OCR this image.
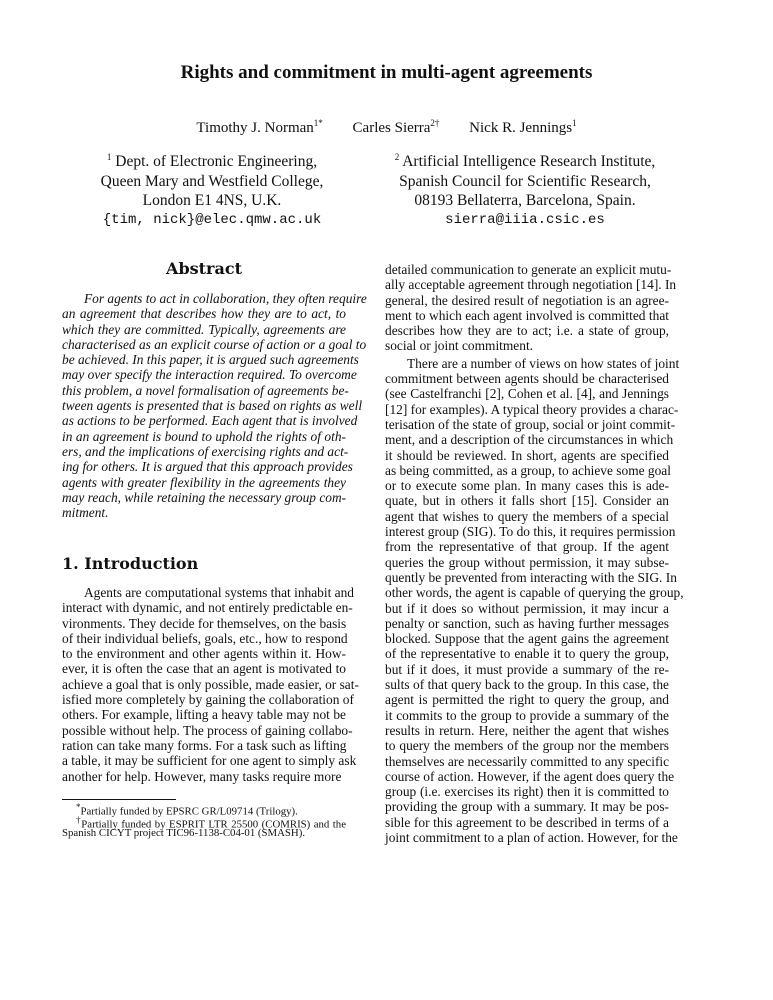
Rights and commitment in multi-agent agreements
Timothy J. Norman$^{1*}$ Carles Sierra$^{2\dagger}$ Nick R. Jennings$^1$
$^1$ Dept. of Electronic Engineering,
Queen Mary and Westfield College,
London E1 4NS, U.K.
{tim, nick}@elec.qmw.ac.uk
$^2$ Artificial Intelligence Research Institute,
Spanish Council for Scientific Research,
08193 Bellaterra, Barcelona, Spain.
sierra@iiia.csic.es
Abstract
For agents to act in collaboration, they often require
an agreement that describes how they are to act, to
which they are committed. Typically, agreements are
characterised as an explicit course of action or a goal to
be achieved. In this paper, it is argued such agreements
may over specify the interaction required. To overcome
this problem, a novel formalisation of agreements be-
tween agents is presented that is based on rights as well
as actions to be performed. Each agent that is involved
in an agreement is bound to uphold the rights of oth-
ers, and the implications of exercising rights and act-
ing for others. It is argued that this approach provides
agents with greater flexibility in the agreements they
may reach, while retaining the necessary group com-
mitment.
1. Introduction
Agents are computational systems that inhabit and
interact with dynamic, and not entirely predictable en-
vironments. They decide for themselves, on the basis
of their individual beliefs, goals, etc., how to respond
to the environment and other agents within it. How-
ever, it is often the case that an agent is motivated to
achieve a goal that is only possible, made easier, or sat-
isfied more completely by gaining the collaboration of
others. For example, lifting a heavy table may not be
possible without help. The process of gaining collabo-
ration can take many forms. For a task such as lifting
a table, it may be sufficient for one agent to simply ask
another for help. However, many tasks require more
*Partially funded by EPSRC GR/L09714 (Trilogy).
†Partially funded by ESPRIT LTR 25500 (COMRIS) and the
Spanish CICYT project TIC96-1138-C04-01 (SMASH).
detailed communication to generate an explicit mutu-
ally acceptable agreement through negotiation [14]. In
general, the desired result of negotiation is an agree-
ment to which each agent involved is committed that
describes how they are to act; i.e. a state of group,
social or joint commitment.
There are a number of views on how states of joint
commitment between agents should be characterised
(see Castelfranchi [2], Cohen et al. [4], and Jennings
[12] for examples). A typical theory provides a charac-
terisation of the state of group, social or joint commit-
ment, and a description of the circumstances in which
it should be reviewed. In short, agents are specified
as being committed, as a group, to achieve some goal
or to execute some plan. In many cases this is ade-
quate, but in others it falls short [15]. Consider an
agent that wishes to query the members of a special
interest group (SIG). To do this, it requires permission
from the representative of that group. If the agent
queries the group without permission, it may subse-
quently be prevented from interacting with the SIG. In
other words, the agent is capable of querying the group,
but if it does so without permission, it may incur a
penalty or sanction, such as having further messages
blocked. Suppose that the agent gains the agreement
of the representative to enable it to query the group,
but if it does, it must provide a summary of the re-
sults of that query back to the group. In this case, the
agent is permitted the right to query the group, and
it commits to the group to provide a summary of the
results in return. Here, neither the agent that wishes
to query the members of the group nor the members
themselves are necessarily committed to any specific
course of action. However, if the agent does query the
group (i.e. exercises its right) then it is committed to
providing the group with a summary. It may be pos-
sible for this agreement to be described in terms of a
joint commitment to a plan of action. However, for the
